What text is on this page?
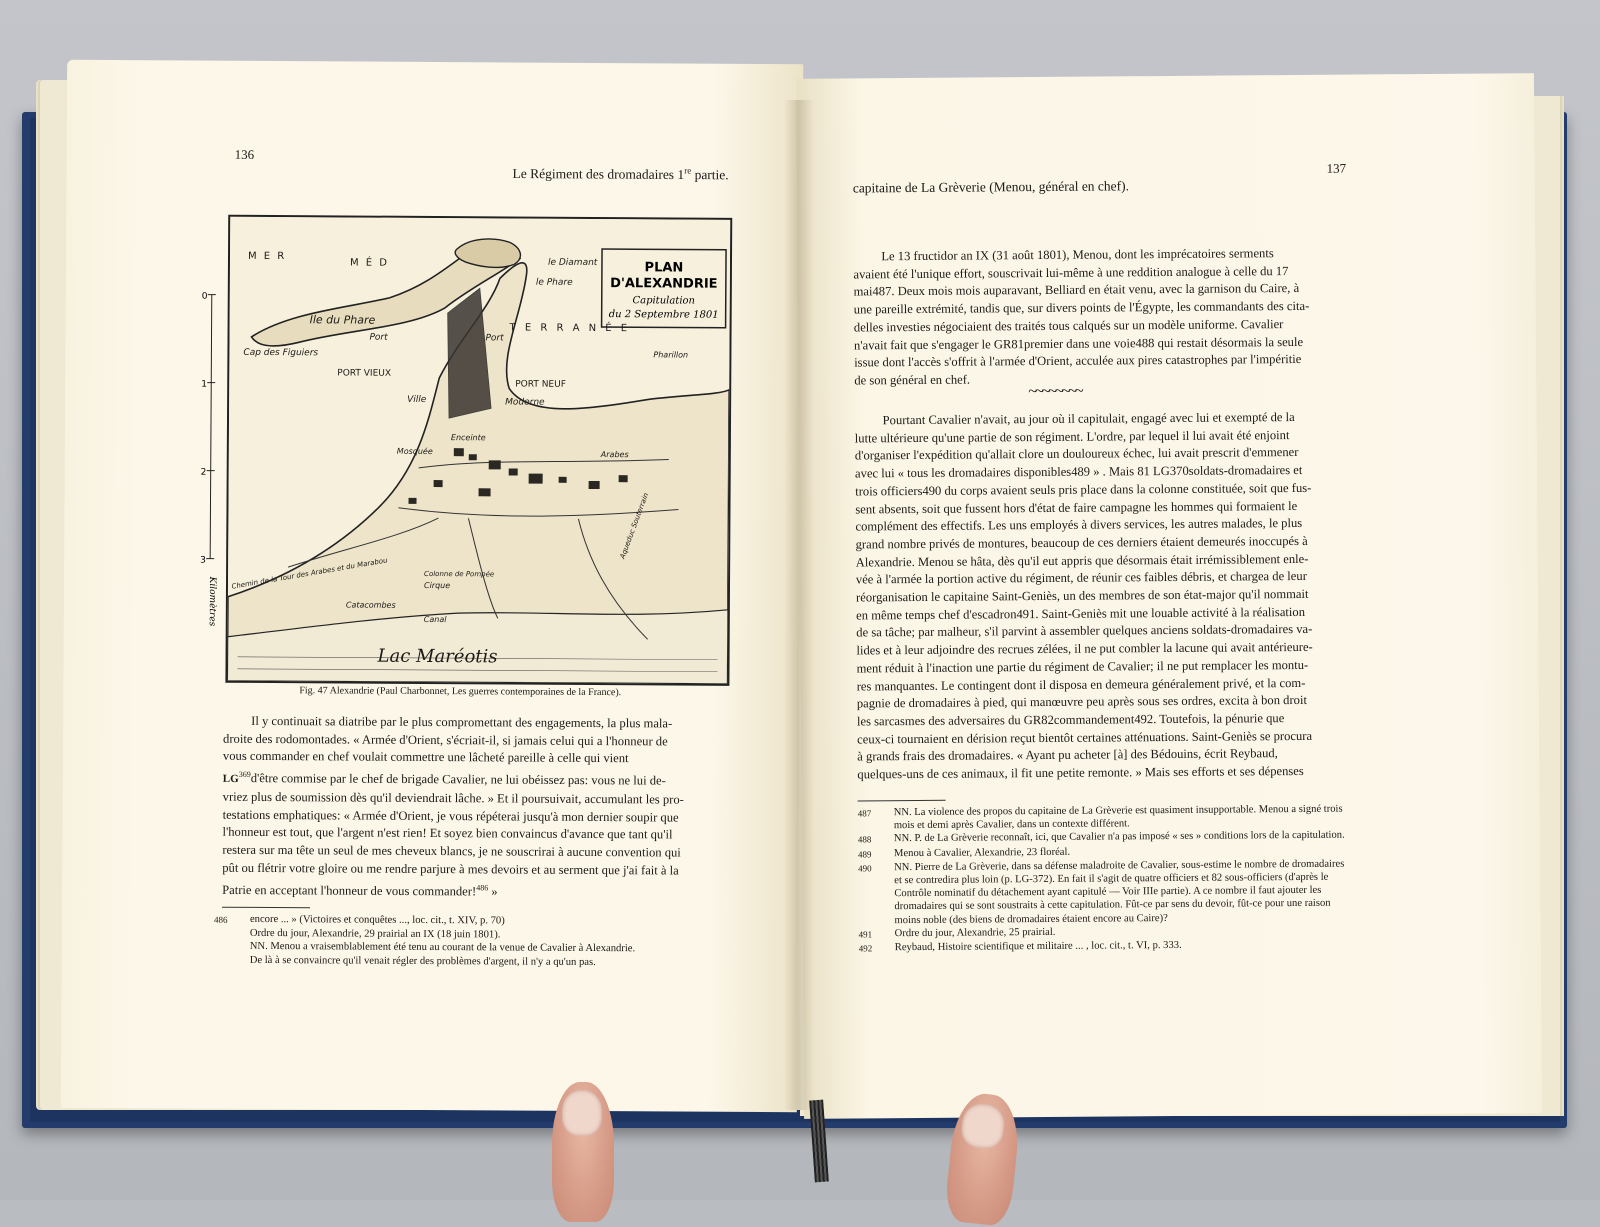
136
Le Régiment des dromadaires 1re partie.
PLAN
D'ALEXANDRIE
Capitulation
du 2 Septembre 1801
M E R
M É D
T E R R A N É E
le Diamant
le Phare
Ile du Phare
Cap des Figuiers
Port	Port
PORT VIEUX
PORT NEUF
Ville	Moderne
Pharillon
Enceinte
Arabes
Mosquée
Cirque
Canal
Catacombes
Chemin de la Tour des Arabes et du Marabou	Colonne de Pompée
Aqueduc Souterrain
Lac Maréotis
0
1
2
3
Kilomètres
Fig. 47 Alexandrie (Paul Charbonnet, Les guerres contemporaines de la France).

Il y continuait sa diatribe par le plus compromettant des engagements, la plus mala-

droite des rodomontades. « Armée d'Orient, s'écriait-il, si jamais celui qui a l'honneur de

vous commander en chef voulait commettre une lâcheté pareille à celle qui vient

LG$^{369}$d'être commise par le chef de brigade Cavalier, ne lui obéissez pas: vous ne lui de-

vriez plus de soumission dès qu'il deviendrait lâche. » Et il poursuivait, accumulant les pro-

testations emphatiques: « Armée d'Orient, je vous répéterai jusqu'à mon dernier soupir que

l'honneur est tout, que l'argent n'est rien! Et soyez bien convaincus d'avance que tant qu'il

restera sur ma tête un seul de mes cheveux blancs, je ne souscrirai à aucune convention qui

pût ou flétrir votre gloire ou me rendre parjure à mes devoirs et au serment que j'ai fait à la

Patrie en acceptant l'honneur de vous commander!$^{486}$ »

486	encore ... » (Victoires et conquêtes ..., loc. cit., t. XIV, p. 70)
Ordre du jour, Alexandrie, 29 prairial an IX (18 juin 1801).
NN. Menou a vraisemblablement été tenu au courant de la venue de Cavalier à Alexandrie.
De là à se convaincre qu'il venait régler des problèmes d'argent, il n'y a qu'un pas.
137
capitaine de La Grèverie (Menou, général en chef).

Le 13 fructidor an IX (31 août 1801), Menou, dont les imprécatoires serments

avaient été l'unique effort, souscrivait lui-même à une reddition analogue à celle du 17

mai487. Deux mois mois auparavant, Belliard en était venu, avec la garnison du Caire, à

une pareille extrémité, tandis que, sur divers points de l'Égypte, les commandants des cita-

delles investies négociaient des traités tous calqués sur un modèle uniforme. Cavalier

n'avait fait que s'engager le GR81premier dans une voie488 qui restait désormais la seule

issue dont l'accès s'offrit à l'armée d'Orient, acculée aux pires catastrophes par l'impéritie

de son général en chef.

~~~~~~~~

Pourtant Cavalier n'avait, au jour où il capitulait, engagé avec lui et exempté de la

lutte ultérieure qu'une partie de son régiment. L'ordre, par lequel il lui avait été enjoint

d'organiser l'expédition qu'allait clore un douloureux échec, lui avait prescrit d'emmener

avec lui « tous les dromadaires disponibles489 » . Mais 81 LG370soldats-dromadaires et

trois officiers490 du corps avaient seuls pris place dans la colonne constituée, soit que fus-

sent absents, soit que fussent hors d'état de faire campagne les hommes qui formaient le

complément des effectifs. Les uns employés à divers services, les autres malades, le plus

grand nombre privés de montures, beaucoup de ces derniers étaient demeurés inoccupés à

Alexandrie. Menou se hâta, dès qu'il eut appris que désormais était irrémissiblement enle-

vée à l'armée la portion active du régiment, de réunir ces faibles débris, et chargea de leur

réorganisation le capitaine Saint-Geniès, un des membres de son état-major qu'il nommait

en même temps chef d'escadron491. Saint-Geniès mit une louable activité à la réalisation

de sa tâche; par malheur, s'il parvint à assembler quelques anciens soldats-dromadaires va-

lides et à leur adjoindre des recrues zélées, il ne put combler la lacune qui avait antérieure-

ment réduit à l'inaction une partie du régiment de Cavalier; il ne put remplacer les montu-

res manquantes. Le contingent dont il disposa en demeura généralement privé, et la com-

pagnie de dromadaires à pied, qui manœuvre peu après sous ses ordres, excita à bon droit

les sarcasmes des adversaires du GR82commandement492. Toutefois, la pénurie que

ceux-ci tournaient en dérision reçut bientôt certaines atténuations. Saint-Geniès se procura

à grands frais des dromadaires. « Ayant pu acheter [à] des Bédouins, écrit Reybaud,

quelques-uns de ces animaux, il fit une petite remonte. » Mais ses efforts et ses dépenses

487	NN. La violence des propos du capitaine de La Grèverie est quasiment insupportable. Menou a signé trois mois et demi après Cavalier, dans un contexte différent.
488	NN. P. de La Grèverie reconnaît, ici, que Cavalier n'a pas imposé « ses » conditions lors de la capitulation.
489	Menou à Cavalier, Alexandrie, 23 floréal.
490	NN. Pierre de La Grèverie, dans sa défense maladroite de Cavalier, sous-estime le nombre de dromadaires et se contredira plus loin (p. LG-372). En fait il s'agit de quatre officiers et 82 sous-officiers (d'après le Contrôle nominatif du détachement ayant capitulé — Voir IIIe partie). A ce nombre il faut ajouter les dromadaires qui se sont soustraits à cette capitulation. Fût-ce par sens du devoir, fût-ce pour une raison moins noble (des biens de dromadaires étaient encore au Caire)?
491	Ordre du jour, Alexandrie, 25 prairial.
492	Reybaud, Histoire scientifique et militaire ... , loc. cit., t. VI, p. 333.
